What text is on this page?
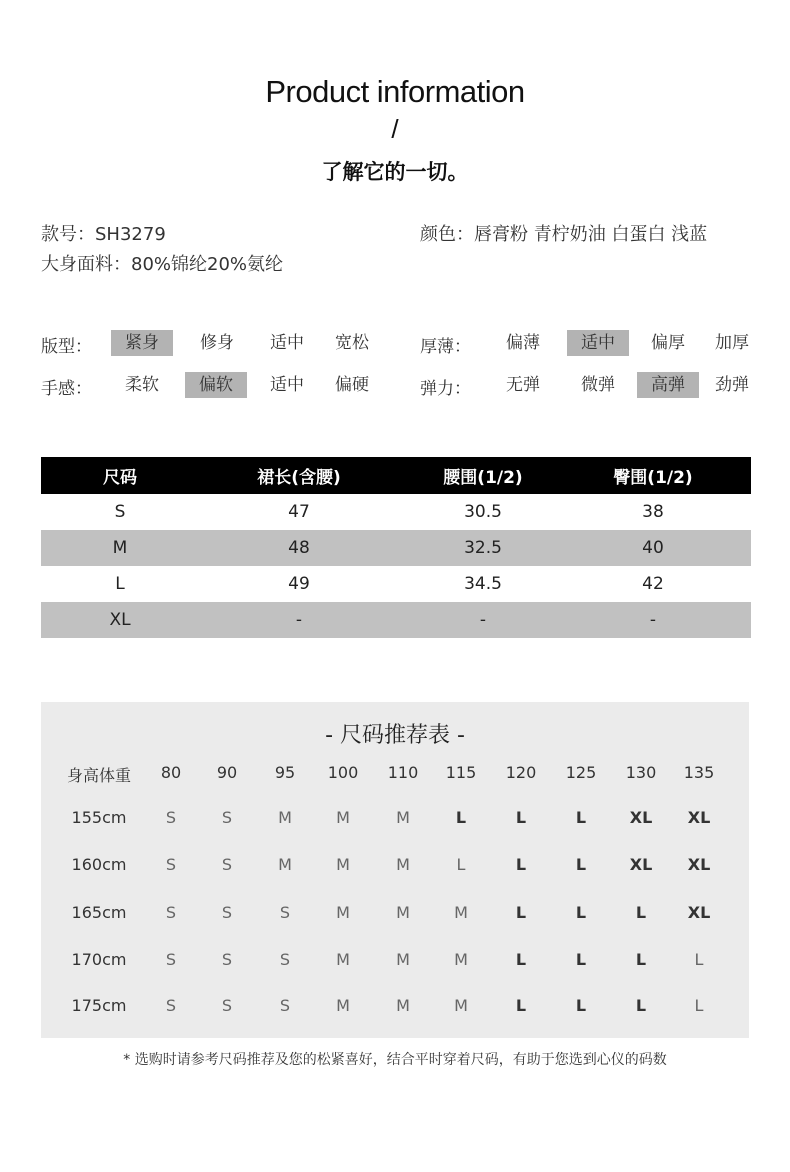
Product information
/
了解它的一切。
款号：SH3279	颜色：唇膏粉 青柠奶油 白蛋白 浅蓝
大身面料：80%锦纶20%氨纶
版型：	紧身	修身	适中	宽松	厚薄：	偏薄	适中	偏厚	加厚
手感：	柔软	偏软	适中	偏硬	弹力：	无弹	微弹	高弹	劲弹
尺码	裙长(含腰)	腰围(1/2)	臀围(1/2)
S	47	30.5	38
M	48	32.5	40
L	49	34.5	42
XL	-	-	-
- 尺码推荐表 -
身高体重	80	90	95	100	110	115	120	125	130	135
155cm	S	S	M	M	M	L	L	L	XL	XL
160cm	S	S	M	M	M	L	L	L	XL	XL
165cm	S	S	S	M	M	M	L	L	L	XL
170cm	S	S	S	M	M	M	L	L	L	L
175cm	S	S	S	M	M	M	L	L	L	L
* 选购时请参考尺码推荐及您的松紧喜好，结合平时穿着尺码，有助于您选到心仪的码数
